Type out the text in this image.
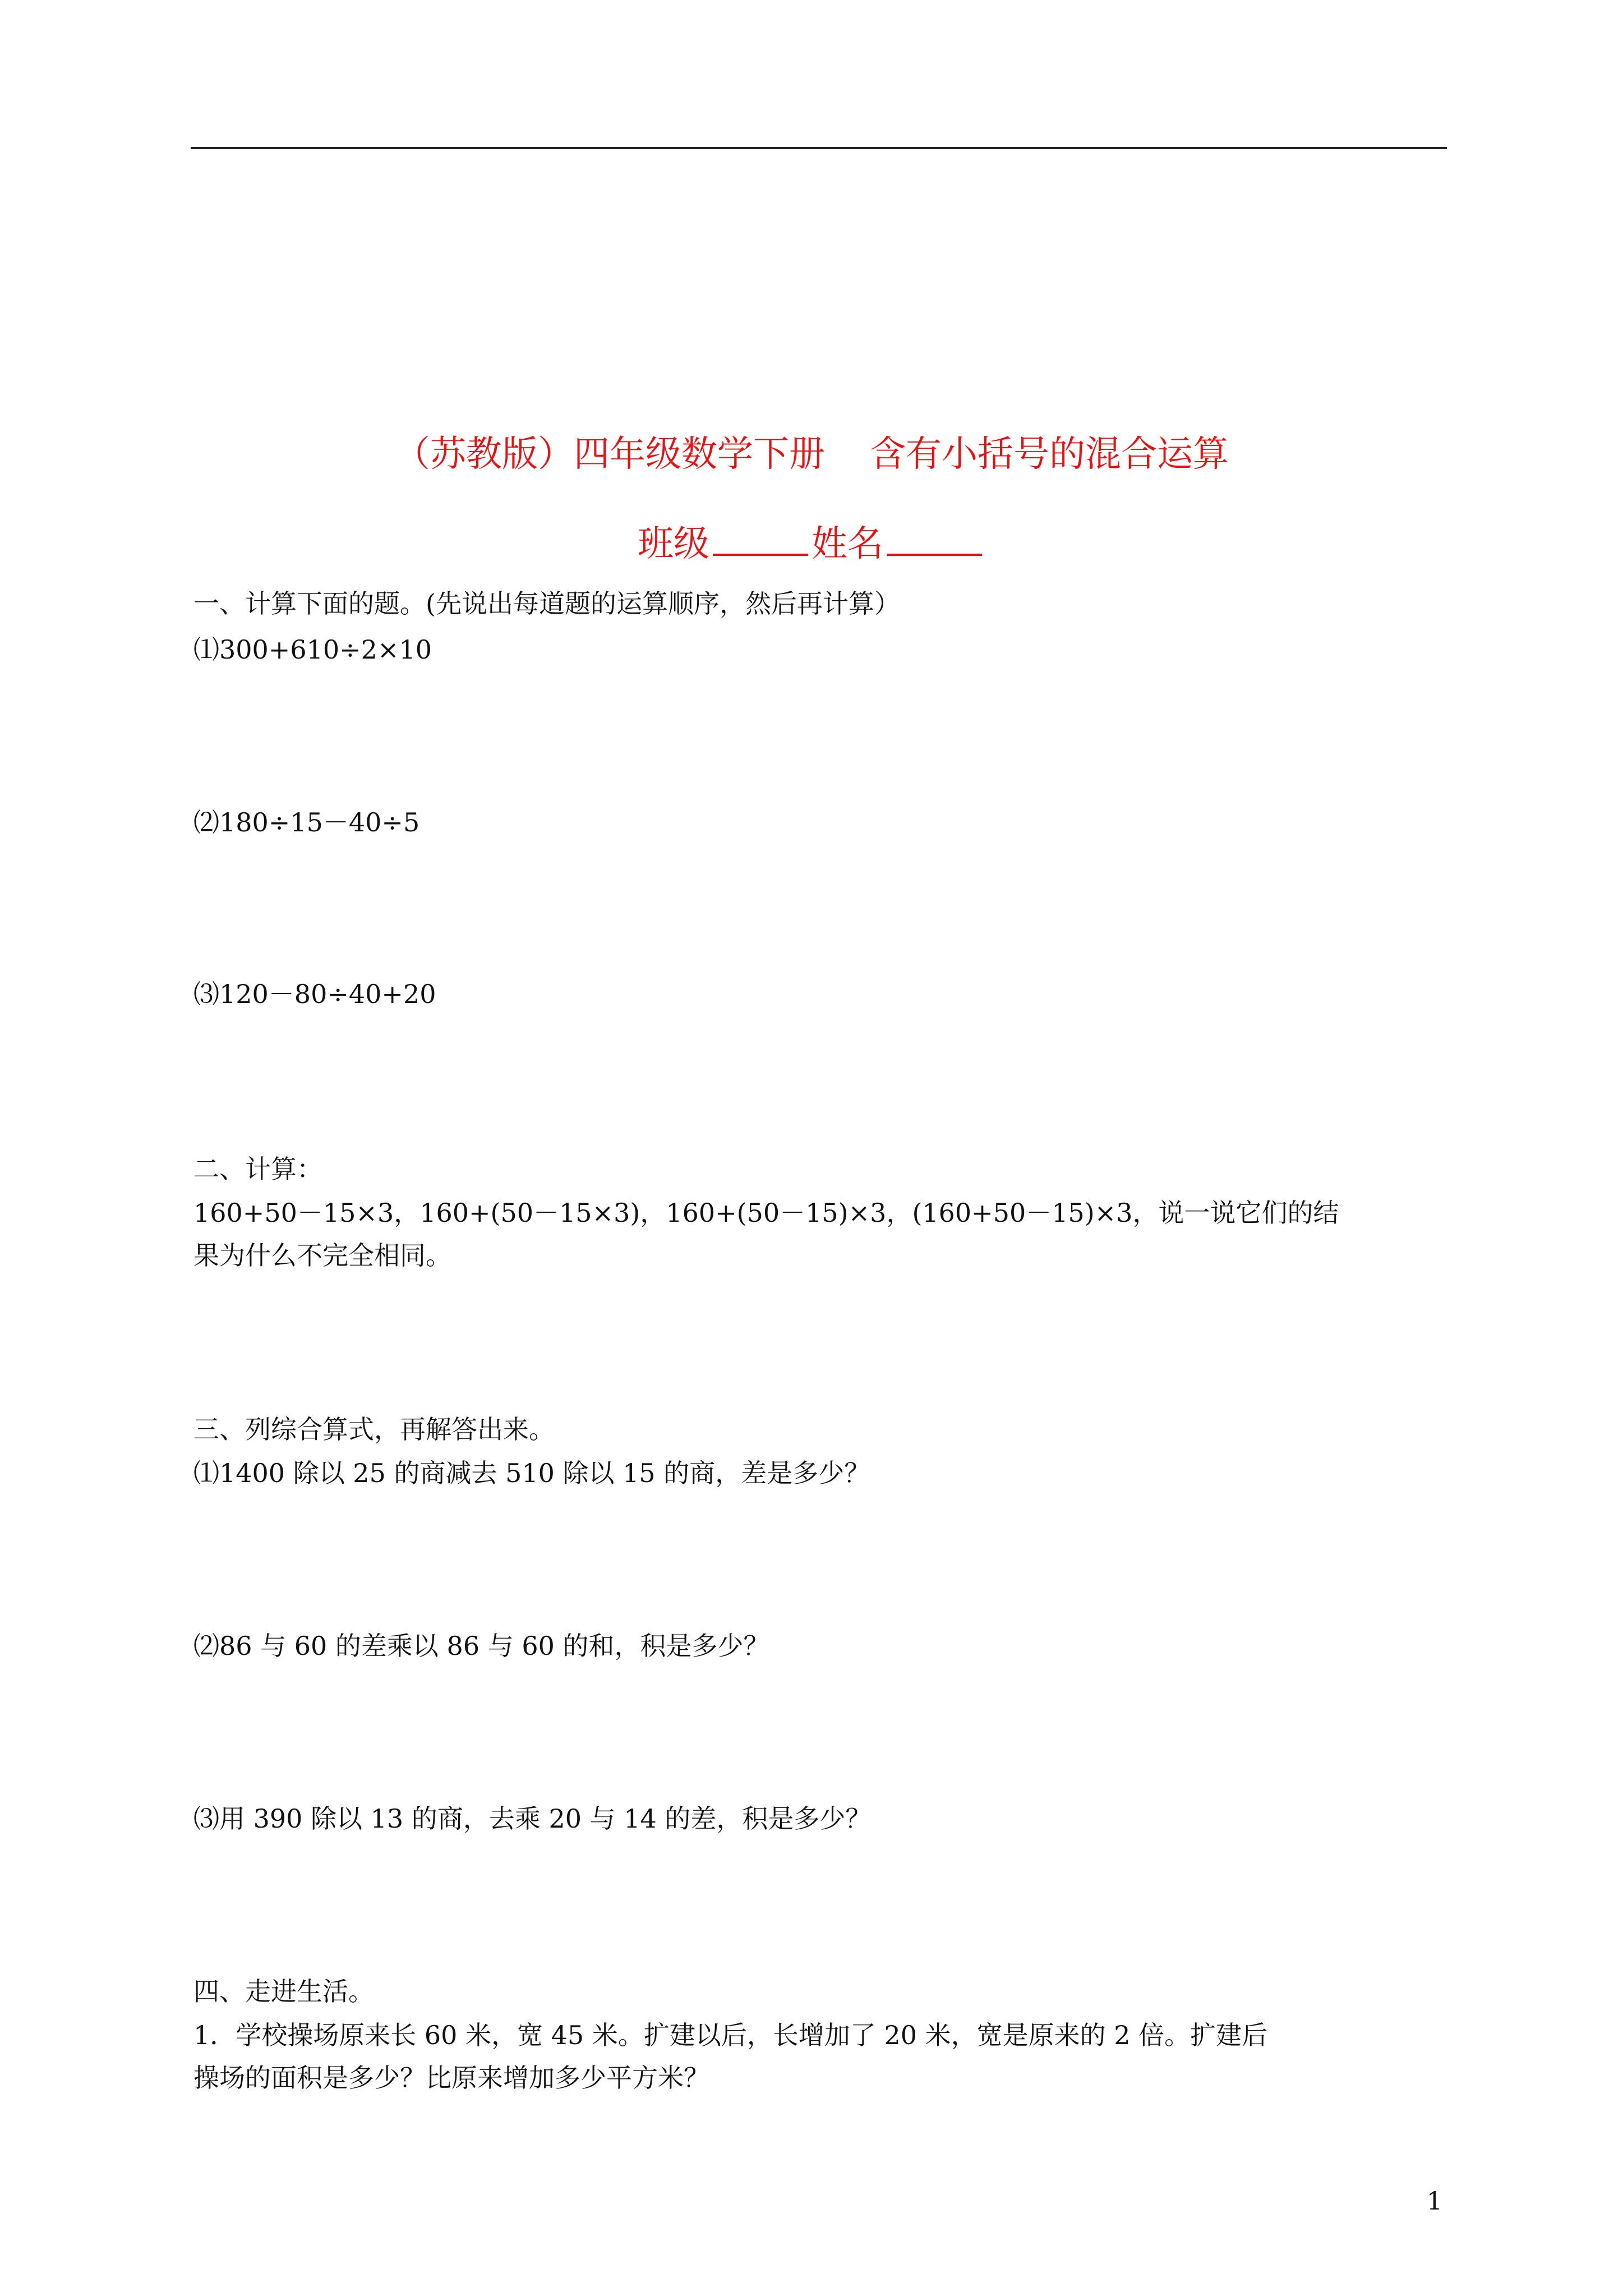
（苏教版）四年级数学下册 含有小括号的混合运算
班级	姓名
一、计算下面的题。(先说出每道题的运算顺序，然后再计算）
⑴300+610÷2×10
⑵180÷15－40÷5
⑶120－80÷40+20
二、计算：
160+50－15×3，160+(50－15×3)，160+(50－15)×3，(160+50－15)×3，说一说它们的结
果为什么不完全相同。
三、列综合算式，再解答出来。
⑴1400 除以 25 的商减去 510 除以 15 的商，差是多少？
⑵86 与 60 的差乘以 86 与 60 的和，积是多少？
⑶用 390 除以 13 的商，去乘 20 与 14 的差，积是多少？
四、走进生活。
1．学校操场原来长 60 米，宽 45 米。扩建以后，长增加了 20 米，宽是原来的 2 倍。扩建后
操场的面积是多少？比原来增加多少平方米？
1
